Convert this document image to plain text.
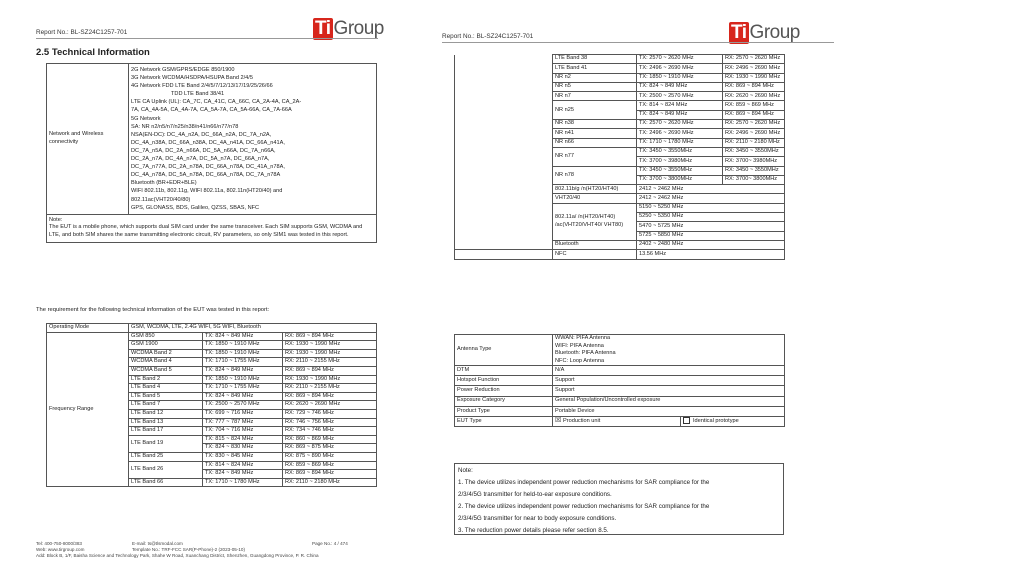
Report No.: BL-SZ24C1257-701	Ti Group
2.5 Technical Information
Network and Wireless connectivity	
2G Network GSM/GPRS/EDGE 850/1900
3G Network WCDMA/HSDPA/HSUPA Band 2/4/5
4G Network FDD LTE Band 2/4/5/7/12/13/17/19/25/26/66
TDD LTE Band 38/41
LTE CA Uplink (UL): CA_7C, CA_41C, CA_66C, CA_2A-4A, CA_2A-
7A, CA_4A-5A, CA_4A-7A, CA_5A-7A, CA_5A-66A, CA_7A-66A
5G Network
SA: NR n2/n5/n7/n25/n38/n41/n66/n77/n78
NSA(EN-DC): DC_4A_n2A, DC_66A_n2A, DC_7A_n2A,
DC_4A_n38A, DC_66A_n38A, DC_4A_n41A, DC_66A_n41A,
DC_7A_n5A, DC_2A_n66A, DC_5A_n66A, DC_7A_n66A,
DC_2A_n7A, DC_4A_n7A, DC_5A_n7A, DC_66A_n7A,
DC_7A_n77A, DC_2A_n78A, DC_66A_n78A, DC_41A_n78A,
DC_4A_n78A, DC_5A_n78A, DC_66A_n78A, DC_7A_n78A
Bluetooth (BR+EDR+BLE)
WIFI 802.11b, 802.11g, WIFI 802.11a, 802.11n(HT20/40) and
802.11ac(VHT20/40/80)
GPS, GLONASS, BDS, Galileo, QZSS, SBAS, NFC

Note:
The EUT is a mobile phone, which supports dual SIM card under the same transceiver. Each SIM supports GSM, WCDMA and LTE, and both SIM shares the same transmitting electronic circuit, RV parameters, so only SIM1 was tested in this report.
The requirement for the following technical information of the EUT was tested in this report:
Operating Mode	GSM, WCDMA, LTE, 2.4G WIFI, 5G WIFI, Bluetooth		
Frequency Range	GSM 850	TX: 824 ~ 849 MHz	RX: 869 ~ 894 MHz
	GSM 1900	TX: 1850 ~ 1910 MHz	RX: 1930 ~ 1990 MHz
	WCDMA Band 2	TX: 1850 ~ 1910 MHz	RX: 1930 ~ 1990 MHz
	WCDMA Band 4	TX: 1710 ~ 1755 MHz	RX: 2110 ~ 2155 MHz
	WCDMA Band 5	TX: 824 ~ 849 MHz	RX: 869 ~ 894 MHz
	LTE Band 2	TX: 1850 ~ 1910 MHz	RX: 1930 ~ 1990 MHz
	LTE Band 4	TX: 1710 ~ 1755 MHz	RX: 2110 ~ 2155 MHz
	LTE Band 5	TX: 824 ~ 849 MHz	RX: 869 ~ 894 MHz
	LTE Band 7	TX: 2500 ~ 2570 MHz	RX: 2620 ~ 2690 MHz
	LTE Band 12	TX: 699 ~ 716 MHz	RX: 729 ~ 746 MHz
	LTE Band 13	TX: 777 ~ 787 MHz	RX: 746 ~ 756 MHz
	LTE Band 17	TX: 704 ~ 716 MHz	RX: 734 ~ 746 MHz
	LTE Band 19	TX: 815 ~ 824 MHz	RX: 860 ~ 869 MHz
		TX: 824 ~ 830 MHz	RX: 869 ~ 875 MHz
	LTE Band 25	TX: 830 ~ 845 MHz	RX: 875 ~ 890 MHz
	LTE Band 26	TX: 814 ~ 824 MHz	RX: 859 ~ 869 MHz
		TX: 824 ~ 849 MHz	RX: 869 ~ 894 MHz
	LTE Band 66	TX: 1710 ~ 1780 MHz	RX: 2110 ~ 2180 MHz
Tel: 400-750-8000/383
Web: www.tirgroup.com
E-mail: ts@tlsmodal.com
Template No.: TRF-FCC SAR(P-Phone)-2 (2023-05-10)
Page No.: 4 / 474
Add: Block B, 1/F, Baisha Science and Technology Park, Shahe W Road, Xuanchang District, Shenzhen, Guangdong Province, P. R. China
Report No.: BL-SZ24C1257-701	Ti Group
	LTE Band 38	TX: 2570 ~ 2620 MHz	RX: 2570 ~ 2620 MHz
	LTE Band 41	TX: 2496 ~ 2690 MHz	RX: 2496 ~ 2690 MHz
	NR n2	TX: 1850 ~ 1910 MHz	RX: 1930 ~ 1990 MHz
	NR n5	TX: 824 ~ 849 MHz	RX: 869 ~ 894 MHz
	NR n7	TX: 2500 ~ 2570 MHz	RX: 2620 ~ 2690 MHz
	NR n25	TX: 814 ~ 824 MHz	RX: 859 ~ 869 MHz
		TX: 824 ~ 849 MHz	RX: 869 ~ 894 MHz
	NR n38	TX: 2570 ~ 2620 MHz	RX: 2570 ~ 2620 MHz
	NR n41	TX: 2496 ~ 2690 MHz	RX: 2496 ~ 2690 MHz
	NR n66	TX: 1710 ~ 1780 MHz	RX: 2110 ~ 2180 MHz
	NR n77	TX: 3450 ~ 3550MHz	RX: 3450 ~ 3550MHz
		TX: 3700 ~ 3980MHz	RX: 3700~ 3980MHz
	NR n78	TX: 3450 ~ 3550MHz	RX: 3450 ~ 3550MHz
		TX: 3700 ~ 3800MHz	RX: 3700~ 3800MHz
	802.11b/g /n(HT20/HT40)	2412 ~ 2462 MHz	
	VHT20/40	2412 ~ 2462 MHz	
	802.11a/ /n(HT20/HT40) /ac(VHT20/VHT40/ VHT80)	5150 ~ 5250 MHz	
		5250 ~ 5350 MHz	
		5470 ~ 5725 MHz	
		5725 ~ 5850 MHz	
	Bluetooth	2402 ~ 2480 MHz	
	NFC	13.56 MHz	
Antenna Type	WWAN: PIFA Antenna
WIFI: PIFA Antenna
Bluetooth: PIFA Antenna
NFC: Loop Antenna	

DTM	N/A	
Hotspot Function	Support	
Power Reduction	Support	
Exposure Category	General Population/Uncontrolled exposure	
Product Type	Portable Device	
EUT Type	☒ Production unit	Identical prototype
Note:
1. The device utilizes independent power reduction mechanisms for SAR compliance for the
2/3/4/5G transmitter for held-to-ear exposure conditions.
2. The device utilizes independent power reduction mechanisms for SAR compliance for the
2/3/4/5G transmitter for near to body exposure conditions.
3. The reduction power details please refer section 8.5.
